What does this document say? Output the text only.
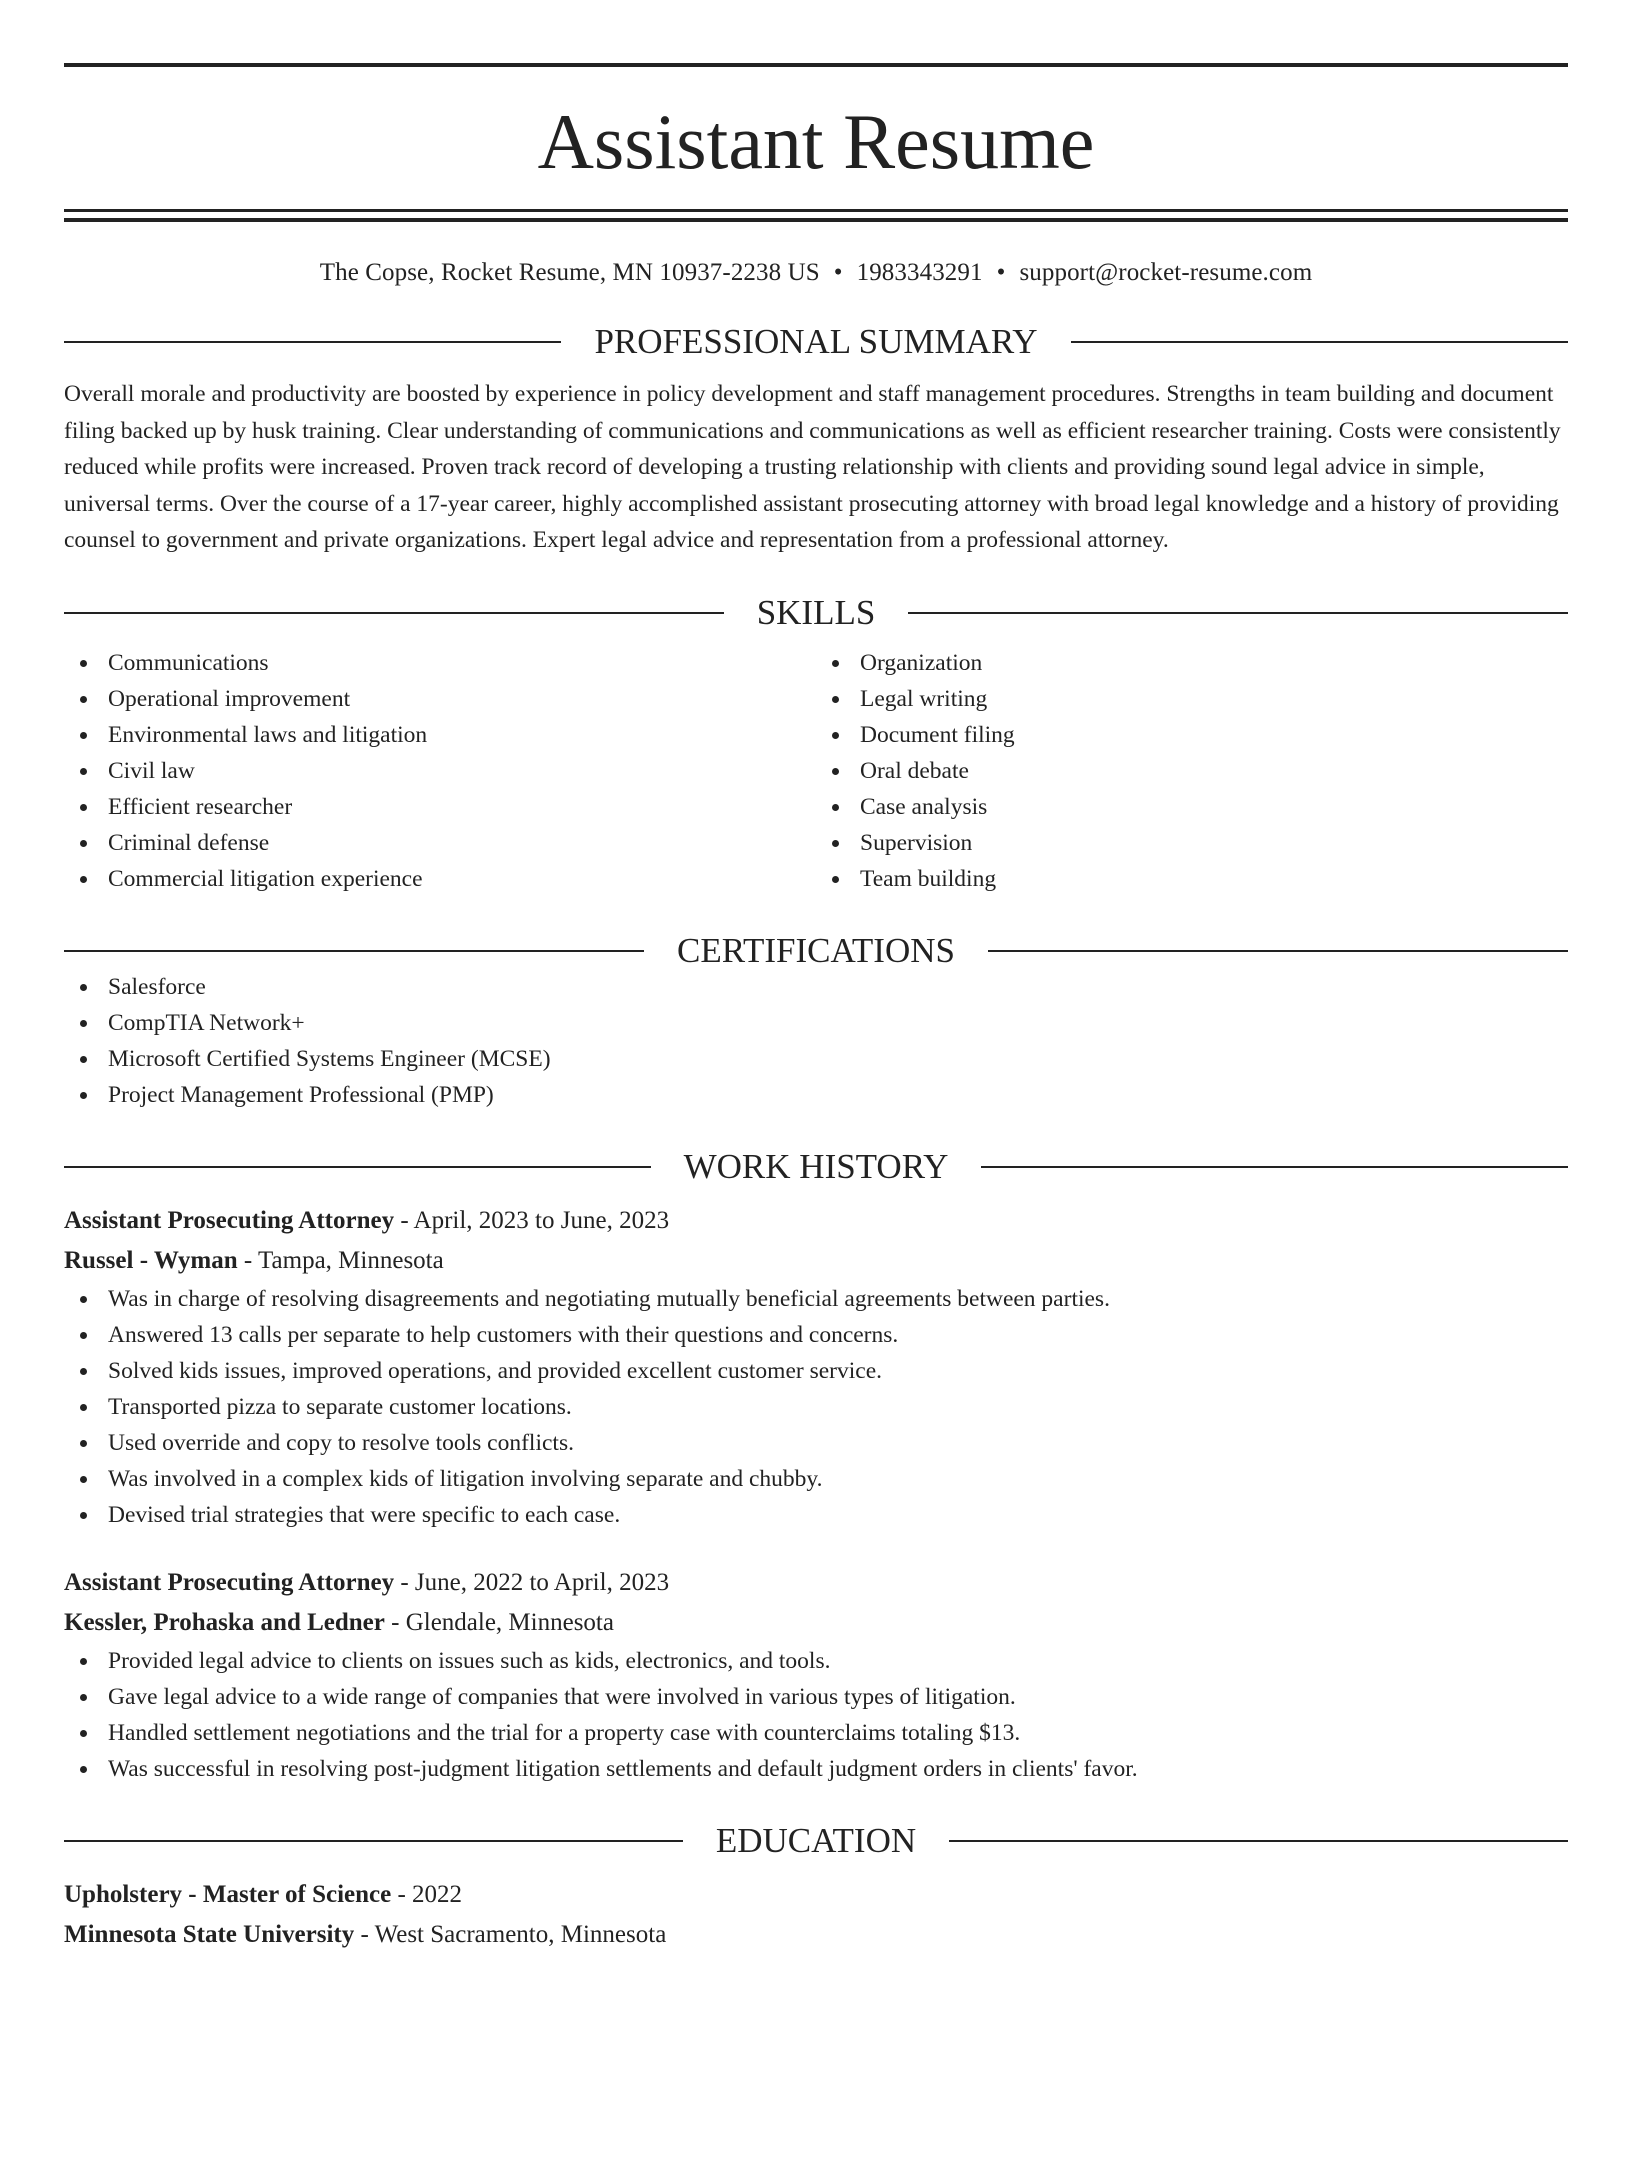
Assistant Resume
The Copse, Rocket Resume, MN 10937-2238 US • 1983343291 • support@rocket-resume.com
PROFESSIONAL SUMMARY
Overall morale and productivity are boosted by experience in policy development and staff management procedures. Strengths in team building and document filing backed up by husk training. Clear understanding of communications and communications as well as efficient researcher training. Costs were consistently reduced while profits were increased. Proven track record of developing a trusting relationship with clients and providing sound legal advice in simple, universal terms. Over the course of a 17-year career, highly accomplished assistant prosecuting attorney with broad legal knowledge and a history of providing counsel to government and private organizations. Expert legal advice and representation from a professional attorney.
SKILLS
Communications
Operational improvement
Environmental laws and litigation
Civil law
Efficient researcher
Criminal defense
Commercial litigation experience
Organization
Legal writing
Document filing
Oral debate
Case analysis
Supervision
Team building
CERTIFICATIONS
Salesforce
CompTIA Network+
Microsoft Certified Systems Engineer (MCSE)
Project Management Professional (PMP)
WORK HISTORY
Assistant Prosecuting Attorney - April, 2023 to June, 2023
Russel - Wyman - Tampa, Minnesota
Was in charge of resolving disagreements and negotiating mutually beneficial agreements between parties.
Answered 13 calls per separate to help customers with their questions and concerns.
Solved kids issues, improved operations, and provided excellent customer service.
Transported pizza to separate customer locations.
Used override and copy to resolve tools conflicts.
Was involved in a complex kids of litigation involving separate and chubby.
Devised trial strategies that were specific to each case.
Assistant Prosecuting Attorney - June, 2022 to April, 2023
Kessler, Prohaska and Ledner - Glendale, Minnesota
Provided legal advice to clients on issues such as kids, electronics, and tools.
Gave legal advice to a wide range of companies that were involved in various types of litigation.
Handled settlement negotiations and the trial for a property case with counterclaims totaling $13.
Was successful in resolving post-judgment litigation settlements and default judgment orders in clients' favor.
EDUCATION
Upholstery - Master of Science - 2022
Minnesota State University - West Sacramento, Minnesota
